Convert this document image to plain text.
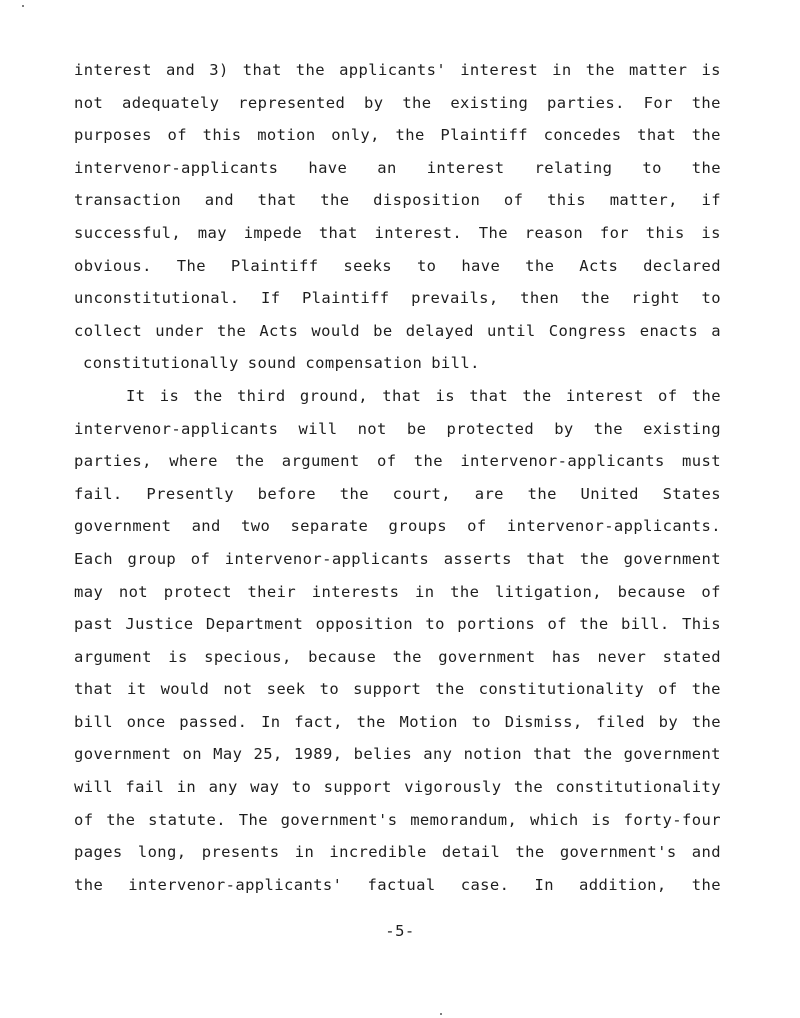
interest and 3) that the applicants' interest in the matter is
not adequately represented by the existing parties. For the
purposes of this motion only, the Plaintiff concedes that the
intervenor-applicants have an interest relating to the
transaction and that the disposition of this matter, if
successful, may impede that interest. The reason for this is
obvious. The Plaintiff seeks to have the Acts declared
unconstitutional. If Plaintiff prevails, then the right to
collect under the Acts would be delayed until Congress enacts a
constitutionally sound compensation bill.
It is the third ground, that is that the interest of the
intervenor-applicants will not be protected by the existing
parties, where the argument of the intervenor-applicants must
fail. Presently before the court, are the United States
government and two separate groups of intervenor-applicants.
Each group of intervenor-applicants asserts that the government
may not protect their interests in the litigation, because of
past Justice Department opposition to portions of the bill. This
argument is specious, because the government has never stated
that it would not seek to support the constitutionality of the
bill once passed. In fact, the Motion to Dismiss, filed by the
government on May 25, 1989, belies any notion that the government
will fail in any way to support vigorously the constitutionality
of the statute. The government's memorandum, which is forty-four
pages long, presents in incredible detail the government's and
the intervenor-applicants' factual case. In addition, the
-5-
